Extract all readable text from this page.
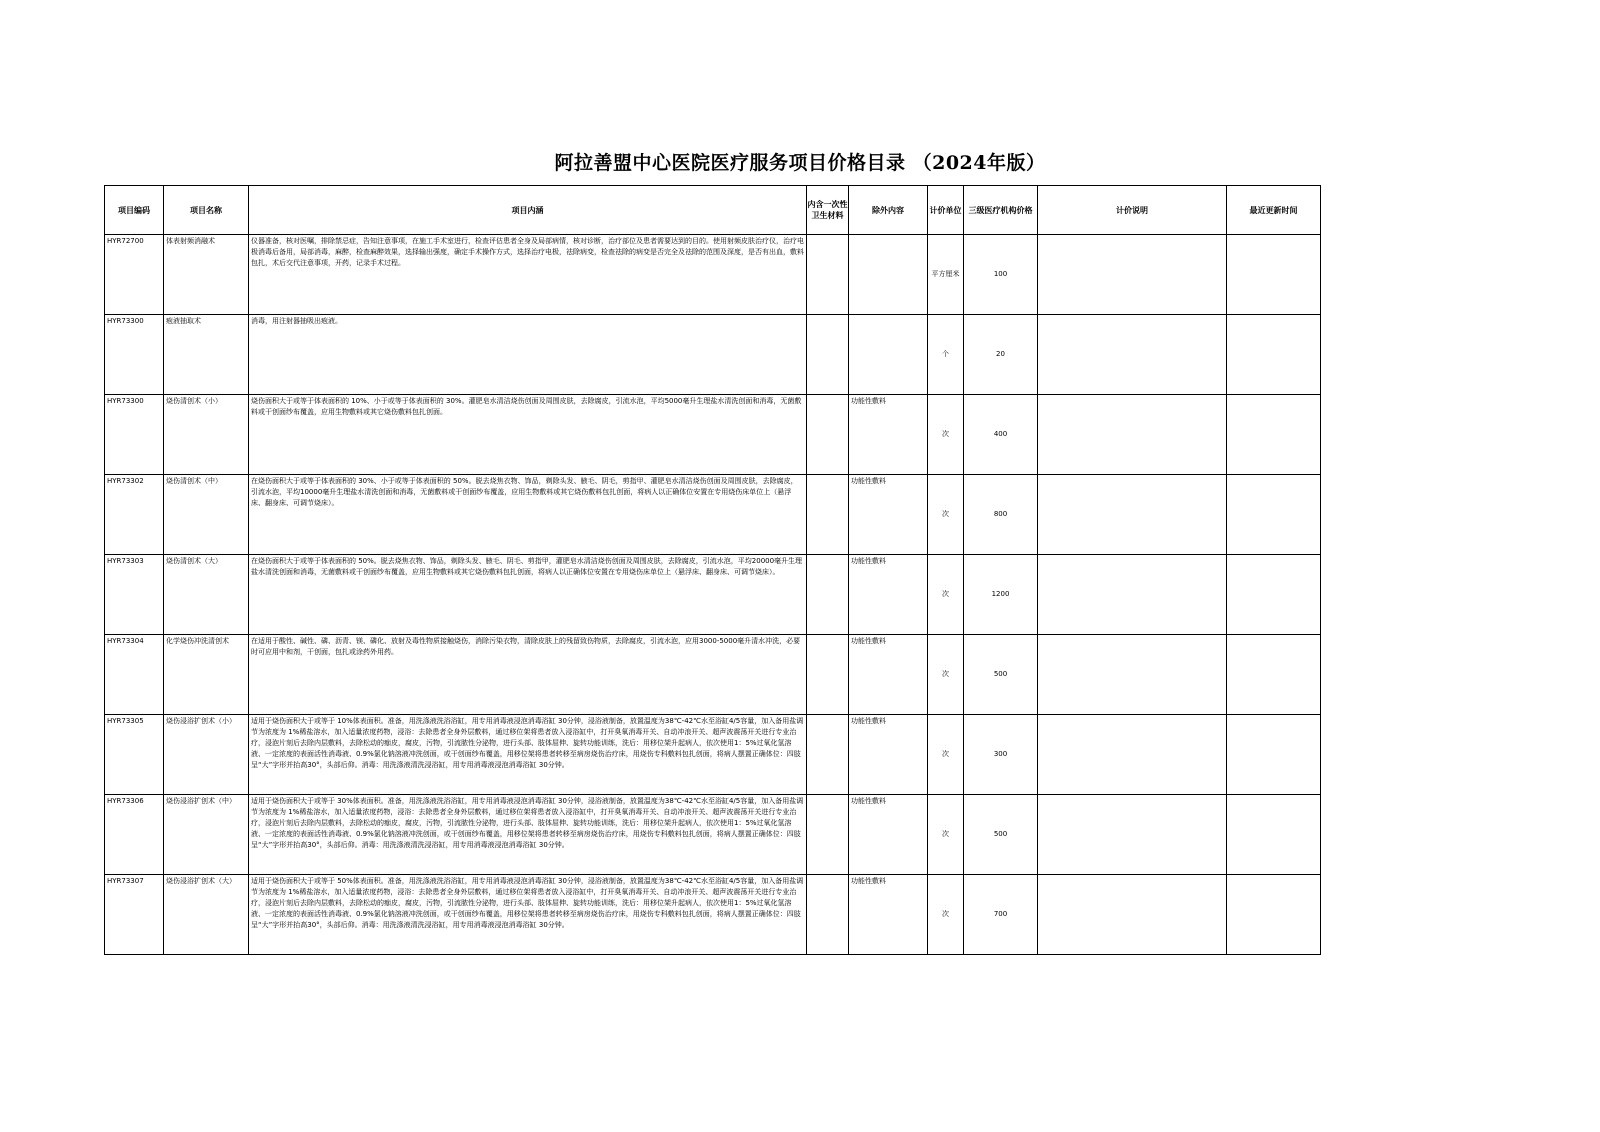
阿拉善盟中心医院医疗服务项目价格目录 （2024年版）
项目编码	项目名称	项目内涵	内含一次性卫生材料	除外内容	计价单位	三级医疗机构价格	计价说明	最近更新时间
HYR72700	体表射频消融术	仪器准备，核对医嘱，排除禁忌症，告知注意事项，在施工手术室进行，检查评估患者全身及局部病情，核对诊断，治疗部位及患者需要达到的目的。使用射频皮肤治疗仪，治疗电极消毒后备用，局部消毒，麻醉，检查麻醉效果，选择输出强度，确定手术操作方式，选择治疗电极，祛除病变，检查祛除的病变是否完全及祛除的范围及深度，是否有出血，敷料包扎，术后交代注意事项，开药，记录手术过程。			平方厘米	100		
HYR73300	疱液抽取术	消毒，用注射器抽吸出疱液。			个	20		
HYR73300	烧伤清创术（小）	烧伤面积大于或等于体表面积的 10%、小于或等于体表面积的 30%。灌肥皂水清洁烧伤创面及周围皮肤，去除腐皮，引流水泡，平均5000毫升生理盐水清洗创面和消毒，无菌敷料或干创面纱布覆盖，应用生物敷料或其它烧伤敷料包扎创面。		功能性敷料	次	400		
HYR73302	烧伤清创术（中）	在烧伤面积大于或等于体表面积的 30%、小于或等于体表面积的 50%。脱去烧焦衣物、饰品，剃除头发、腋毛、阴毛，剪指甲、灌肥皂水清洁烧伤创面及周围皮肤，去除腐皮，引流水泡，平均10000毫升生理盐水清洗创面和消毒，无菌敷料或干创面纱布覆盖，应用生物敷料或其它烧伤敷料包扎创面，将病人以正确体位安置在专用烧伤床单位上（悬浮床、翻身床、可调节烧床）。		功能性敷料	次	800		
HYR73303	烧伤清创术（大）	在烧伤面积大于或等于体表面积的 50%。脱去烧焦衣物、饰品，剃除头发、腋毛、阴毛、剪指甲，灌肥皂水清洁烧伤创面及周围皮肤，去除腐皮，引流水泡，平均20000毫升生理盐水清洗创面和消毒，无菌敷料或干创面纱布覆盖，应用生物敷料或其它烧伤敷料包扎创面，将病人以正确体位安置在专用烧伤床单位上（悬浮床、翻身床、可调节烧床）。		功能性敷料	次	1200		
HYR73304	化学烧伤冲洗清创术	在适用于酸性、碱性、磷、沥青、镁、磷化、放射及毒性物质接触烧伤，消除污染衣物，清除皮肤上的残留致伤物质，去除腐皮，引流水泡，应用3000-5000毫升清水冲洗，必要时可应用中和剂，干创面，包扎或涂药外用药。		功能性敷料	次	500		
HYR73305	烧伤浸浴扩创术（小）	适用于烧伤面积大于或等于 10%体表面积。准备，用洗涤液洗浴浴缸，用专用消毒液浸泡消毒浴缸 30分钟，浸浴液制备，放置温度为38℃-42℃水至浴缸4/5容量，加入备用盐调节为浓度为 1%稀盐溶水，加入适量浓度药物，浸浴：去除患者全身外层敷料，通过移位架将患者放入浸浴缸中，打开臭氧消毒开关、自动冲浪开关、超声波震荡开关进行专业治疗，浸泡片刻后去除内层敷料，去除松动的痂皮，腐皮，污物，引流脓性分泌物，进行头部、肢体屈伸、旋转功能训练，洗后：用移位架升起病人，依次使用1：5%过氧化氢溶液、一定浓度的表面活性消毒液、0.9%氯化钠溶液冲洗创面，或干创面纱布覆盖，用移位架将患者转移至病房烧伤治疗床，用烧伤专科敷料包扎创面，将病人摆置正确体位：四肢呈“大”字形并抬高30°，头部后仰。消毒：用洗涤液清洗浸浴缸，用专用消毒液浸泡消毒浴缸 30分钟。		功能性敷料	次	300		
HYR73306	烧伤浸浴扩创术（中）	适用于烧伤面积大于或等于 30%体表面积。准备，用洗涤液洗浴浴缸，用专用消毒液浸泡消毒浴缸 30分钟，浸浴液制备，放置温度为38℃-42℃水至浴缸4/5容量，加入备用盐调节为浓度为 1%稀盐溶水，加入适量浓度药物，浸浴：去除患者全身外层敷料，通过移位架将患者放入浸浴缸中，打开臭氧消毒开关、自动冲浪开关、超声波震荡开关进行专业治疗，浸泡片刻后去除内层敷料，去除松动的痂皮，腐皮，污物，引流脓性分泌物，进行头部、肢体屈伸、旋转功能训练，洗后：用移位架升起病人，依次使用1：5%过氧化氢溶液、一定浓度的表面活性消毒液、0.9%氯化钠溶液冲洗创面，或干创面纱布覆盖，用移位架将患者转移至病房烧伤治疗床，用烧伤专科敷料包扎创面，将病人摆置正确体位：四肢呈“大”字形并抬高30°，头部后仰。消毒：用洗涤液清洗浸浴缸，用专用消毒液浸泡消毒浴缸 30分钟。		功能性敷料	次	500		
HYR73307	烧伤浸浴扩创术（大）	适用于烧伤面积大于或等于 50%体表面积。准备，用洗涤液洗浴浴缸，用专用消毒液浸泡消毒浴缸 30分钟，浸浴液制备，放置温度为38℃-42℃水至浴缸4/5容量，加入备用盐调节为浓度为 1%稀盐溶水，加入适量浓度药物，浸浴：去除患者全身外层敷料，通过移位架将患者放入浸浴缸中，打开臭氧消毒开关、自动冲浪开关、超声波震荡开关进行专业治疗，浸泡片刻后去除内层敷料，去除松动的痂皮，腐皮，污物，引流脓性分泌物，进行头部、肢体屈伸、旋转功能训练，洗后：用移位架升起病人，依次使用1：5%过氧化氢溶液、一定浓度的表面活性消毒液、0.9%氯化钠溶液冲洗创面，或干创面纱布覆盖，用移位架将患者转移至病房烧伤治疗床，用烧伤专科敷料包扎创面，将病人摆置正确体位：四肢呈“大”字形并抬高30°，头部后仰。消毒：用洗涤液清洗浸浴缸，用专用消毒液浸泡消毒浴缸 30分钟。		功能性敷料	次	700		
